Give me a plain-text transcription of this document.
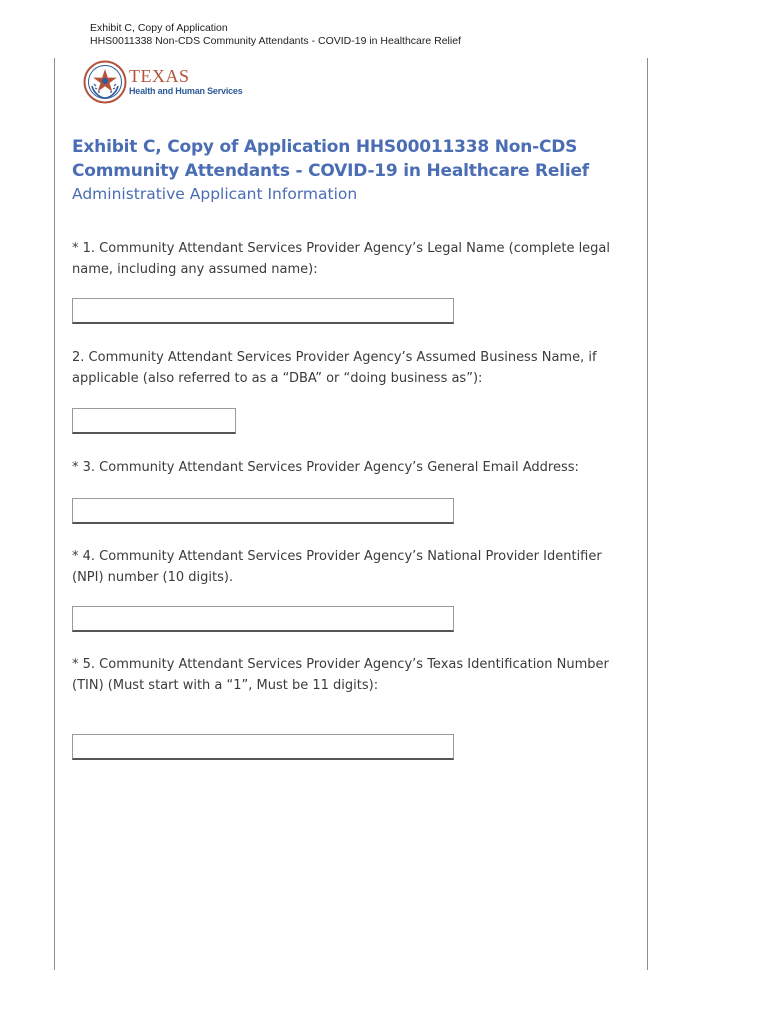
Exhibit C, Copy of Application
HHS0011338 Non-CDS Community Attendants - COVID-19 in Healthcare Relief
TEXAS
Health and Human Services
Exhibit C, Copy of Application HHS00011338 Non-CDS Community Attendants - COVID-19 in Healthcare Relief
Administrative Applicant Information
* 1. Community Attendant Services Provider Agency’s Legal Name (complete legal name, including any assumed name):
2. Community Attendant Services Provider Agency’s Assumed Business Name, if applicable (also referred to as a “DBA” or “doing business as”):
* 3. Community Attendant Services Provider Agency’s General Email Address:
* 4. Community Attendant Services Provider Agency’s National Provider Identifier (NPI) number (10 digits).
* 5. Community Attendant Services Provider Agency’s Texas Identification Number (TIN) (Must start with a “1”, Must be 11 digits):
